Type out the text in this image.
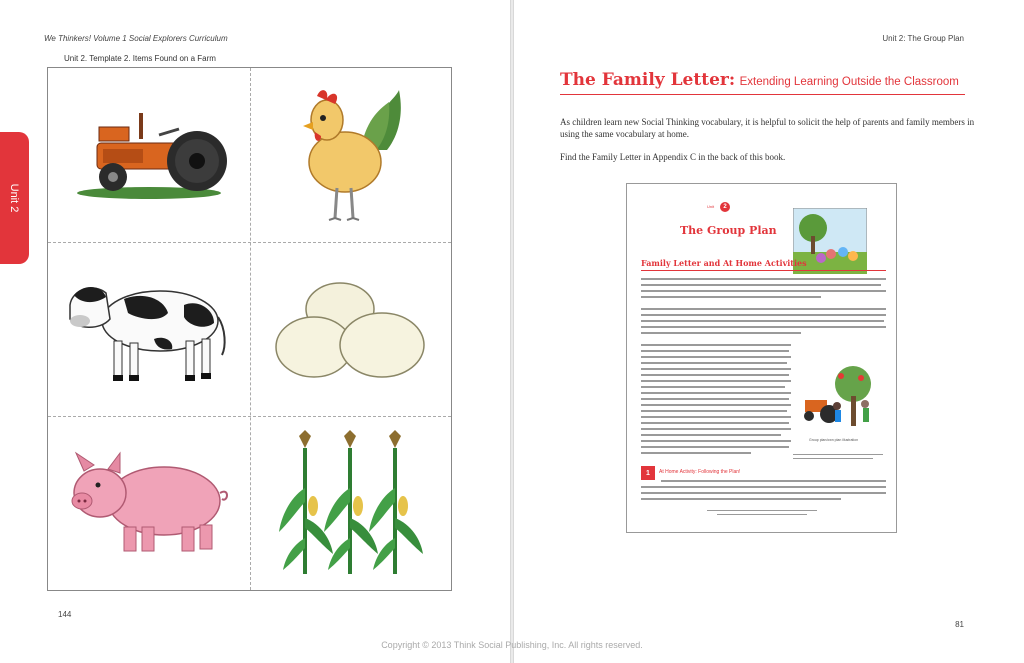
We Thinkers! Volume 1 Social Explorers Curriculum
Unit 2. Template 2. Items Found on a Farm
144
Unit 2
Unit 2: The Group Plan
The Family Letter: Extending Learning Outside the Classroom
As children learn new Social Thinking vocabulary, it is helpful to solicit the help of parents and family members in using the same vocabulary at home.
Find the Family Letter in Appendix C in the back of this book.
Unit	2
The Group Plan
Family Letter and At Home Activities
Group plan/own plan illustration
1	At Home Activity: Following the Plan!
81
Copyright © 2013 Think Social Publishing, Inc. All rights reserved.
